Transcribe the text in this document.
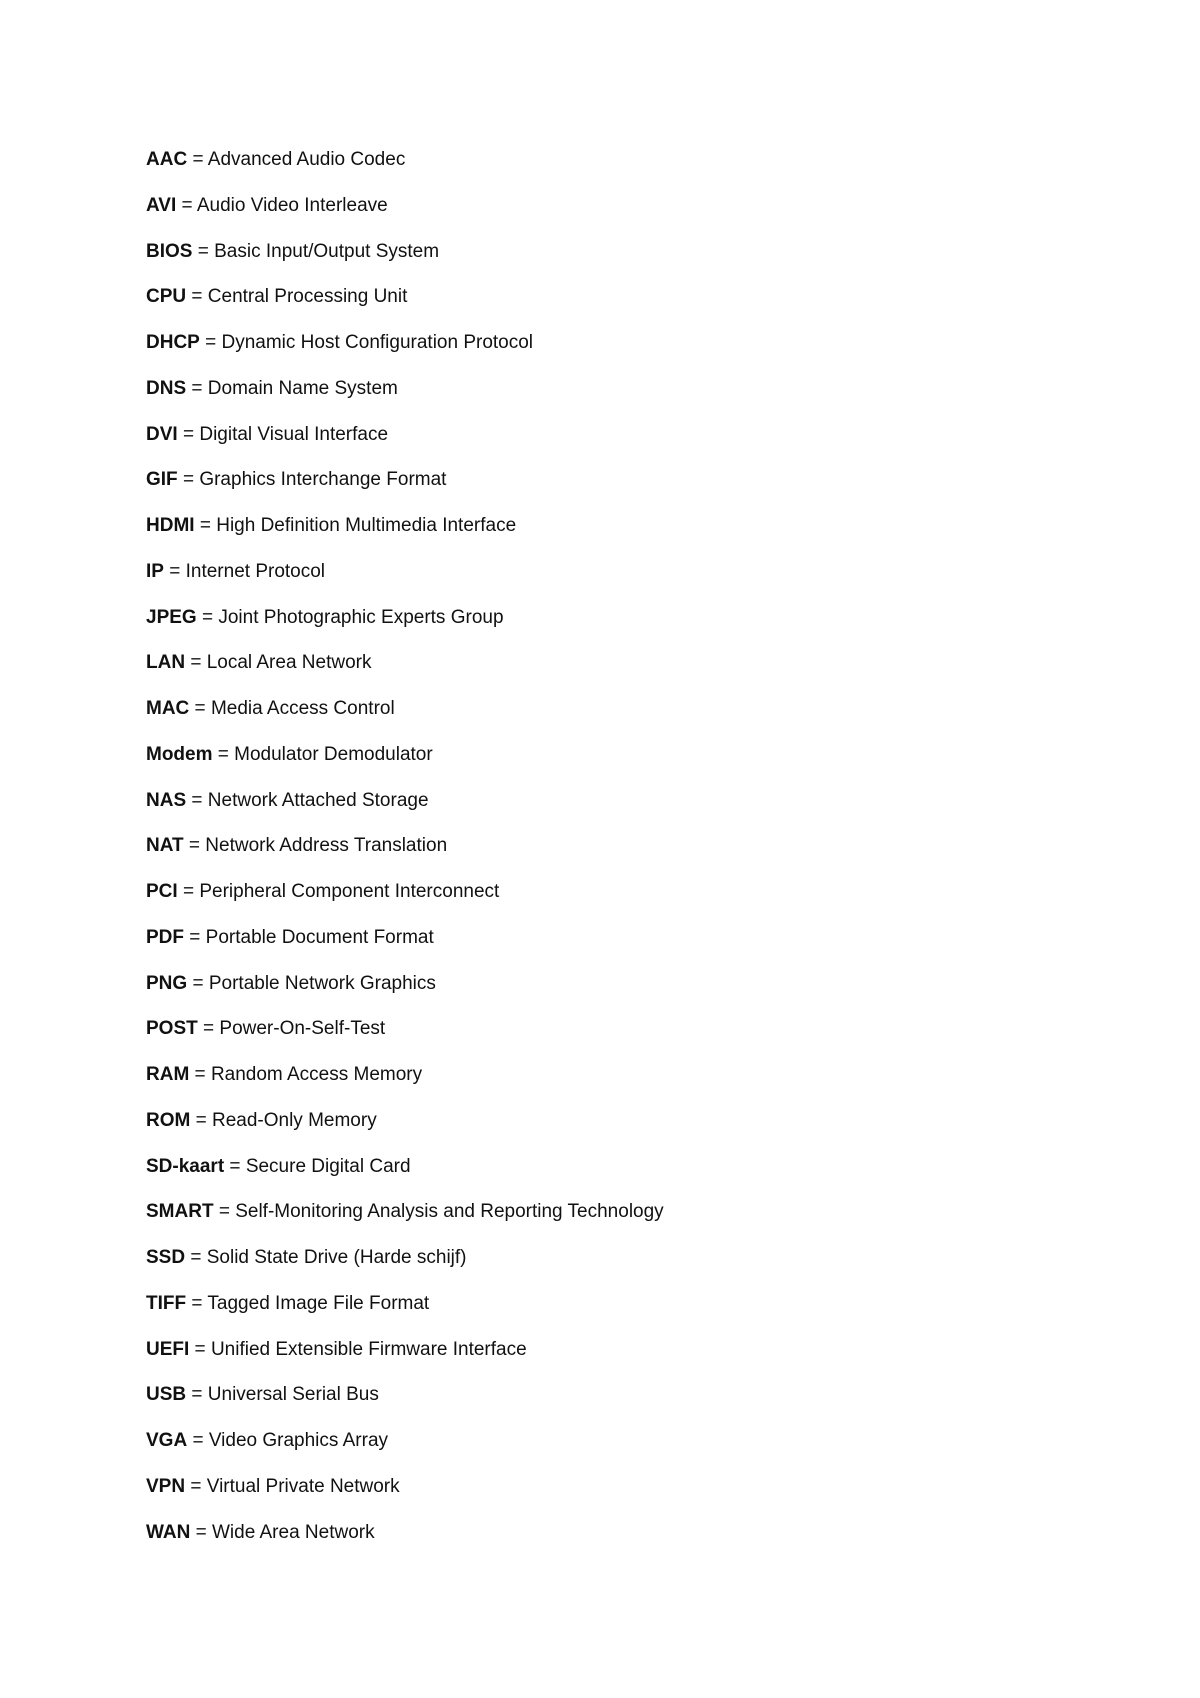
AAC = Advanced Audio Codec
AVI = Audio Video Interleave
BIOS = Basic Input/Output System
CPU = Central Processing Unit
DHCP = Dynamic Host Configuration Protocol
DNS = Domain Name System
DVI = Digital Visual Interface
GIF = Graphics Interchange Format
HDMI = High Definition Multimedia Interface
IP = Internet Protocol
JPEG = Joint Photographic Experts Group
LAN = Local Area Network
MAC = Media Access Control
Modem = Modulator Demodulator
NAS = Network Attached Storage
NAT = Network Address Translation
PCI = Peripheral Component Interconnect
PDF = Portable Document Format
PNG = Portable Network Graphics
POST = Power-On-Self-Test
RAM = Random Access Memory
ROM = Read-Only Memory
SD-kaart = Secure Digital Card
SMART = Self-Monitoring Analysis and Reporting Technology
SSD = Solid State Drive (Harde schijf)
TIFF = Tagged Image File Format
UEFI = Unified Extensible Firmware Interface
USB = Universal Serial Bus
VGA = Video Graphics Array
VPN = Virtual Private Network
WAN = Wide Area Network
